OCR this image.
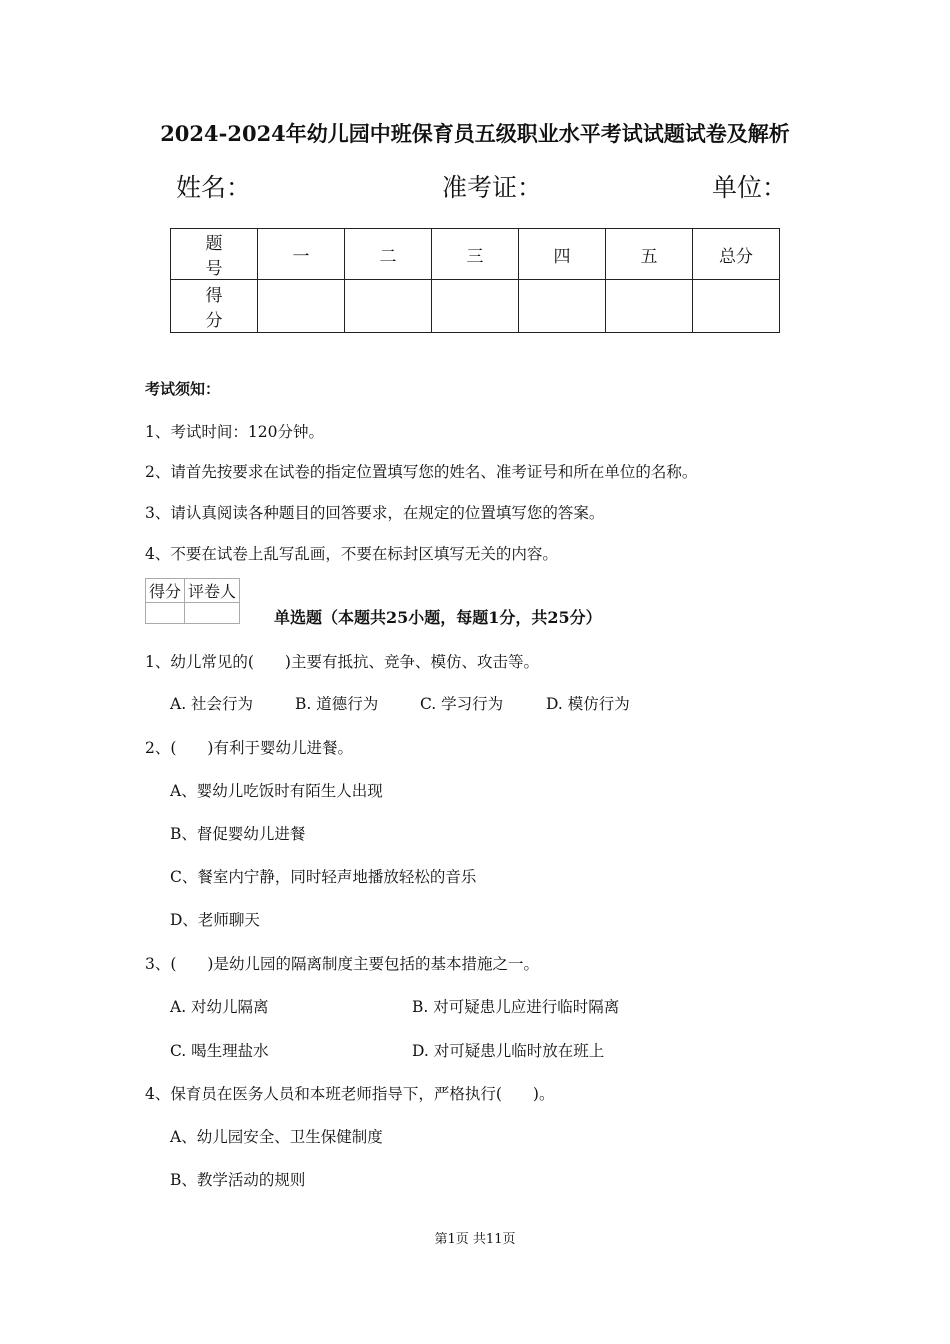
2024-2024年幼儿园中班保育员五级职业水平考试试题试卷及解析
姓名：	准考证：	单位：
题 号	一	二	三	四	五	总分
得 分						
考试须知：
1、考试时间：120分钟。
2、请首先按要求在试卷的指定位置填写您的姓名、准考证号和所在单位的名称。
3、请认真阅读各种题目的回答要求，在规定的位置填写您的答案。
4、不要在试卷上乱写乱画，不要在标封区填写无关的内容。
得分	评卷人

单选题（本题共25小题，每题1分，共25分）
1、幼儿常见的(　　)主要有抵抗、竞争、模仿、攻击等。
A. 社会行为	B. 道德行为	C. 学习行为	D. 模仿行为
2、(　　)有利于婴幼儿进餐。
A、婴幼儿吃饭时有陌生人出现
B、督促婴幼儿进餐
C、餐室内宁静，同时轻声地播放轻松的音乐
D、老师聊天
3、(　　)是幼儿园的隔离制度主要包括的基本措施之一。
A. 对幼儿隔离	B. 对可疑患儿应进行临时隔离
C. 喝生理盐水	D. 对可疑患儿临时放在班上
4、保育员在医务人员和本班老师指导下，严格执行(　　)。
A、幼儿园安全、卫生保健制度
B、教学活动的规则
第1页 共11页
